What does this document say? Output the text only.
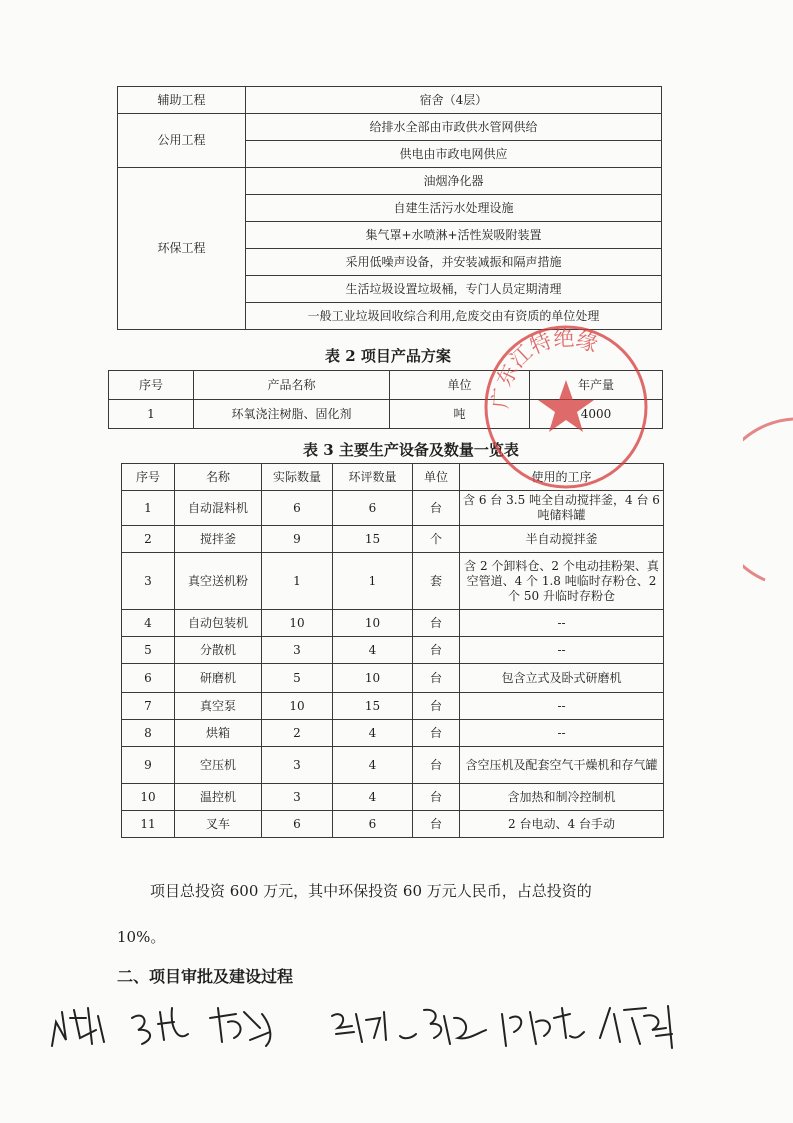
辅助工程	宿舍（4层）
公用工程	给排水全部由市政供水管网供给
	供电由市政电网供应
环保工程	油烟净化器
	自建生活污水处理设施
	集气罩+水喷淋+活性炭吸附装置
	采用低噪声设备，并安装减振和隔声措施
	生活垃圾设置垃圾桶，专门人员定期清理
	一般工业垃圾回收综合利用,危废交由有资质的单位处理
表 2 项目产品方案
序号	产品名称	单位	年产量
1	环氧浇注树脂、固化剂	吨	4000
表 3 主要生产设备及数量一览表
序号	名称	实际数量	环评数量	单位	使用的工序
1	自动混料机	6	6	台	含 6 台 3.5 吨全自动搅拌釜，4 台 6 吨储料罐
2	搅拌釜	9	15	个	半自动搅拌釜
3	真空送机粉	1	1	套	含 2 个卸料仓、2 个电动挂粉架、真空管道、4 个 1.8 吨临时存粉仓、2 个 50 升临时存粉仓
4	自动包装机	10	10	台	--
5	分散机	3	4	台	--
6	研磨机	5	10	台	包含立式及卧式研磨机
7	真空泵	10	15	台	--
8	烘箱	2	4	台	--
9	空压机	3	4	台	含空压机及配套空气干燥机和存气罐
10	温控机	3	4	台	含加热和制冷控制机
11	叉车	6	6	台	2 台电动、4 台手动
项目总投资 600 万元，其中环保投资 60 万元人民币，占总投资的
10%。
二、项目审批及建设过程
广东江特绝缘
